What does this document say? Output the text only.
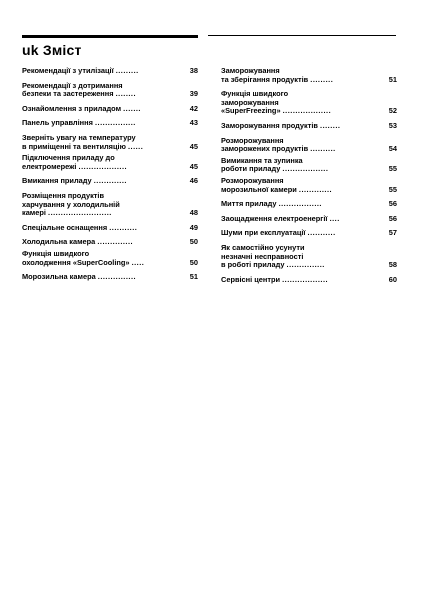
uk Зміст
Рекомендації з утилізації .........	38
Рекомендації з дотримання
безпеки та застереження ........	39
Ознайомлення з приладом .......	42
Панель управління ................	43
Зверніть увагу на температуру
в приміщенні та вентиляцію ......	45
Підключення приладу до
електромережі ...................	45
Вмикання приладу .............	46
Розміщення продуктів
харчування у холодильній
камері .........................	48
Спеціальне оснащення ...........	49
Холодильна камера ..............	50
Функція швидкого
охолодження «SuperCooling» .....	50
Морозильна камера ...............	51
Заморожування
та зберігання продуктів .........	51
Функція швидкого
заморожування
«SuperFreezing» ...................	52
Заморожування продуктів ........	53
Розморожування
заморожених продуктів ..........	54
Вимикання та зупинка
роботи приладу ..................	55
Розморожування
морозильної камери .............	55
Миття приладу .................	56
Заощадження електроенергії ....	56
Шуми при експлуатації ...........	57
Як самостійно усунути
незначні несправності
в роботі приладу ...............	58
Сервісні центри ..................	60
